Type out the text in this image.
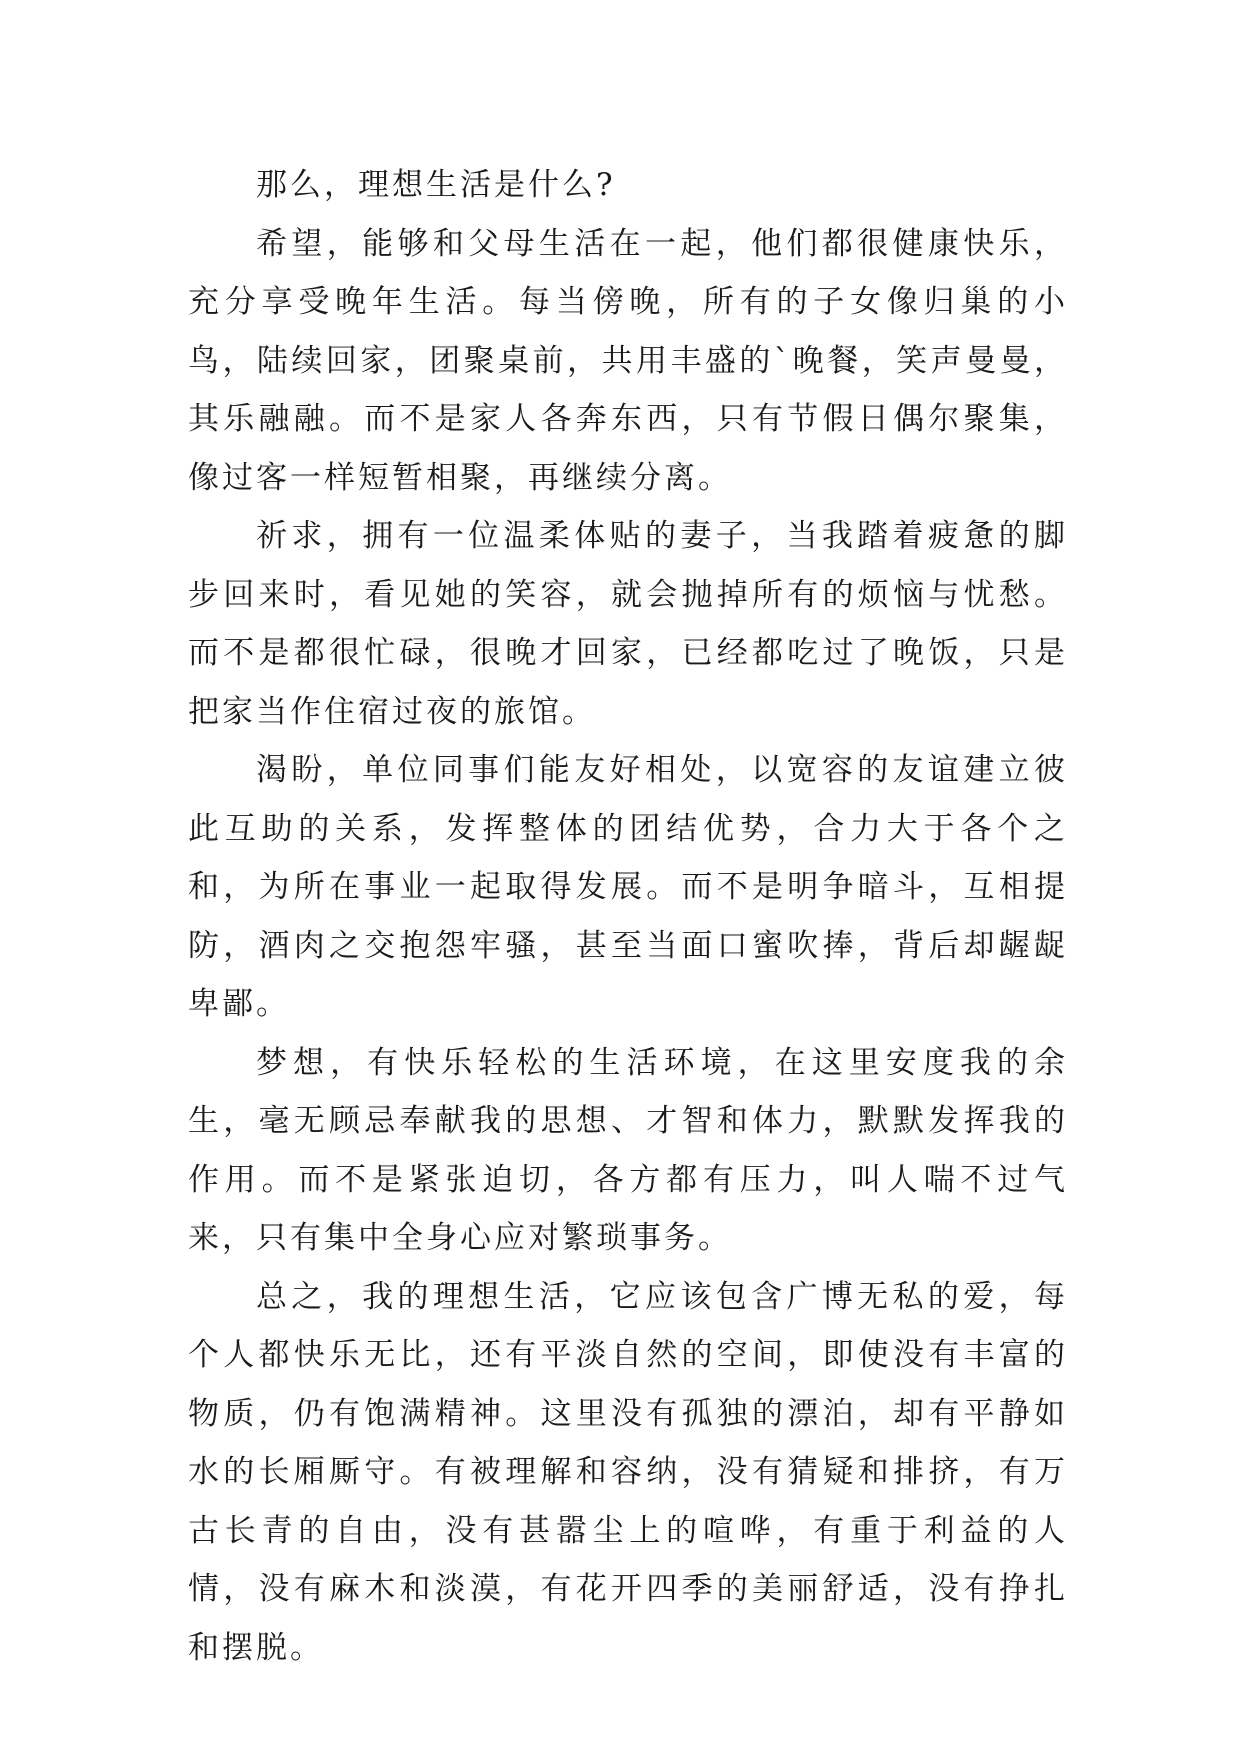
那么，理想生活是什么?

希望，能够和父母生活在一起，他们都很健康快乐，充分享受晚年生活。每当傍晚，所有的子女像归巢的小鸟，陆续回家，团聚桌前，共用丰盛的`晚餐，笑声曼曼，其乐融融。而不是家人各奔东西，只有节假日偶尔聚集，像过客一样短暂相聚，再继续分离。

祈求，拥有一位温柔体贴的妻子，当我踏着疲惫的脚步回来时，看见她的笑容，就会抛掉所有的烦恼与忧愁。而不是都很忙碌，很晚才回家，已经都吃过了晚饭，只是把家当作住宿过夜的旅馆。

渴盼，单位同事们能友好相处，以宽容的友谊建立彼此互助的关系，发挥整体的团结优势，合力大于各个之和，为所在事业一起取得发展。而不是明争暗斗，互相提防，酒肉之交抱怨牢骚，甚至当面口蜜吹捧，背后却龌龊卑鄙。

梦想，有快乐轻松的生活环境，在这里安度我的余生，毫无顾忌奉献我的思想、才智和体力，默默发挥我的作用。而不是紧张迫切，各方都有压力，叫人喘不过气来，只有集中全身心应对繁琐事务。

总之，我的理想生活，它应该包含广博无私的爱，每个人都快乐无比，还有平淡自然的空间，即使没有丰富的物质，仍有饱满精神。这里没有孤独的漂泊，却有平静如水的长厢厮守。有被理解和容纳，没有猜疑和排挤，有万古长青的自由，没有甚嚣尘上的喧哗，有重于利益的人情，没有麻木和淡漠，有花开四季的美丽舒适，没有挣扎和摆脱。
